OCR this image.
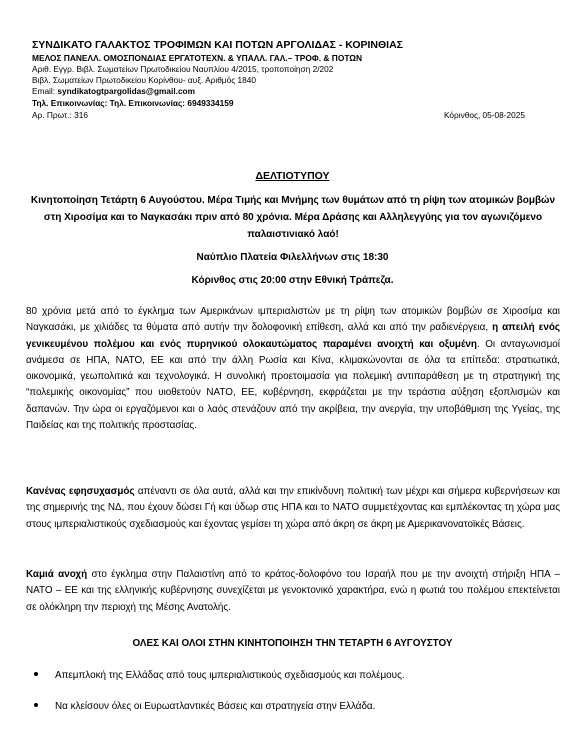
ΣΥΝΔΙΚΑΤΟ ΓΑΛΑΚΤΟΣ ΤΡΟΦΙΜΩΝ ΚΑΙ ΠΟΤΩΝ ΑΡΓΟΛΙΔΑΣ - ΚΟΡΙΝΘΙΑΣ
ΜΕΛΟΣ ΠΑΝΕΛΛ. ΟΜΟΣΠΟΝΔΙΑΣ ΕΡΓΑΤΟΤΕΧΝ. & ΥΠΑΛΛ. ΓΑΛ.– ΤΡΟΦ. & ΠΟΤΩΝ
Αριθ. Εγγρ. Βιβλ. Σωματείων Πρωτοδικείου Ναυπλίου 4/2015, τροποποίηση 2/202
Βιβλ. Σωματείων Πρωτοδικείου Κορίνθου- αυξ. Αριθμός 1840
Email: syndikatogtpargolidas@gmail.com
Τηλ. Επικοινωνίας: Τηλ. Επικοινωνίας: 6949334159
Αρ. Πρωτ.: 316	Κόρινθος, 05-08-2025
ΔΕΛΤΙΟΤΥΠΟΥ
Κινητοποίηση Τετάρτη 6 Αυγούστου. Μέρα Τιμής και Μνήμης των θυμάτων από τη ρίψη των ατομικών βομβών στη Χιροσίμα και το Ναγκασάκι πριν από 80 χρόνια. Μέρα Δράσης και Αλληλεγγύης για τον αγωνιζόμενο παλαιστινιακό λαό!
Ναύπλιο Πλατεία Φιλελλήνων στις 18:30
Κόρινθος στις 20:00 στην Εθνική Τράπεζα.
80 χρόνια μετά από το έγκλημα των Αμερικάνων ιμπεριαλιστών με τη ρίψη των ατομικών βομβών σε Χιροσίμα και Ναγκασάκι, με χιλιάδες τα θύματα από αυτήν την δολοφονική επίθεση, αλλά και από την ραδιενέργεια, η απειλή ενός γενικευμένου πολέμου και ενός πυρηνικού ολοκαυτώματος παραμένει ανοιχτή και οξυμένη. Οι ανταγωνισμοί ανάμεσα σε ΗΠΑ, ΝΑΤΟ, ΕΕ και από την άλλη Ρωσία και Κίνα, κλιμακώνονται σε όλα τα επίπεδα: στρατιωτικά, οικονομικά, γεωπολιτικά και τεχνολογικά. Η συνολική προετοιμασία για πολεμική αντιπαράθεση με τη στρατηγική της “πολεμικής οικονομίας” που υιοθετούν ΝΑΤΟ, ΕΕ, κυβέρνηση, εκφράζεται με την τεράστια αύξηση εξοπλισμών και δαπανών. Την ώρα οι εργαζόμενοι και ο λαός στενάζουν από την ακρίβεια, την ανεργία, την υποβάθμιση της Υγείας, της Παιδείας και της πολιτικής προστασίας.
Κανένας εφησυχασμός απέναντι σε όλα αυτά, αλλά και την επικίνδυνη πολιτική των μέχρι και σήμερα κυβερνήσεων και της σημερινής της ΝΔ, που έχουν δώσει Γή και ύδωρ στις ΗΠΑ και το ΝΑΤΟ συμμετέχοντας και εμπλέκοντας τη χώρα μας στους ιμπεριαλιστικούς σχεδιασμούς και έχοντας γεμίσει τη χώρα από άκρη σε άκρη με Αμερικανονατοϊκές Βάσεις.
Καμιά ανοχή στο έγκλημα στην Παλαιστίνη από το κράτος-δολοφόνο του Ισραήλ που με την ανοιχτή στήριξη ΗΠΑ – ΝΑΤΟ – ΕΕ και της ελληνικής κυβέρνησης συνεχίζεται με γενοκτονικό χαρακτήρα, ενώ η φωτιά του πολέμου επεκτείνεται σε ολόκληρη την περιοχή της Μέσης Ανατολής.
ΟΛΕΣ ΚΑΙ ΟΛΟΙ ΣΤΗΝ ΚΙΝΗΤΟΠΟΙΗΣΗ ΤΗΝ ΤΕΤΑΡΤΗ 6 ΑΥΓΟΥΣΤΟΥ
Απεμπλοκή της Ελλάδας από τους ιμπεριαλιστικούς σχεδιασμούς και πολέμους.
Να κλείσουν όλες οι Ευρωατλαντικές Βάσεις και στρατηγεία στην Ελλάδα.
